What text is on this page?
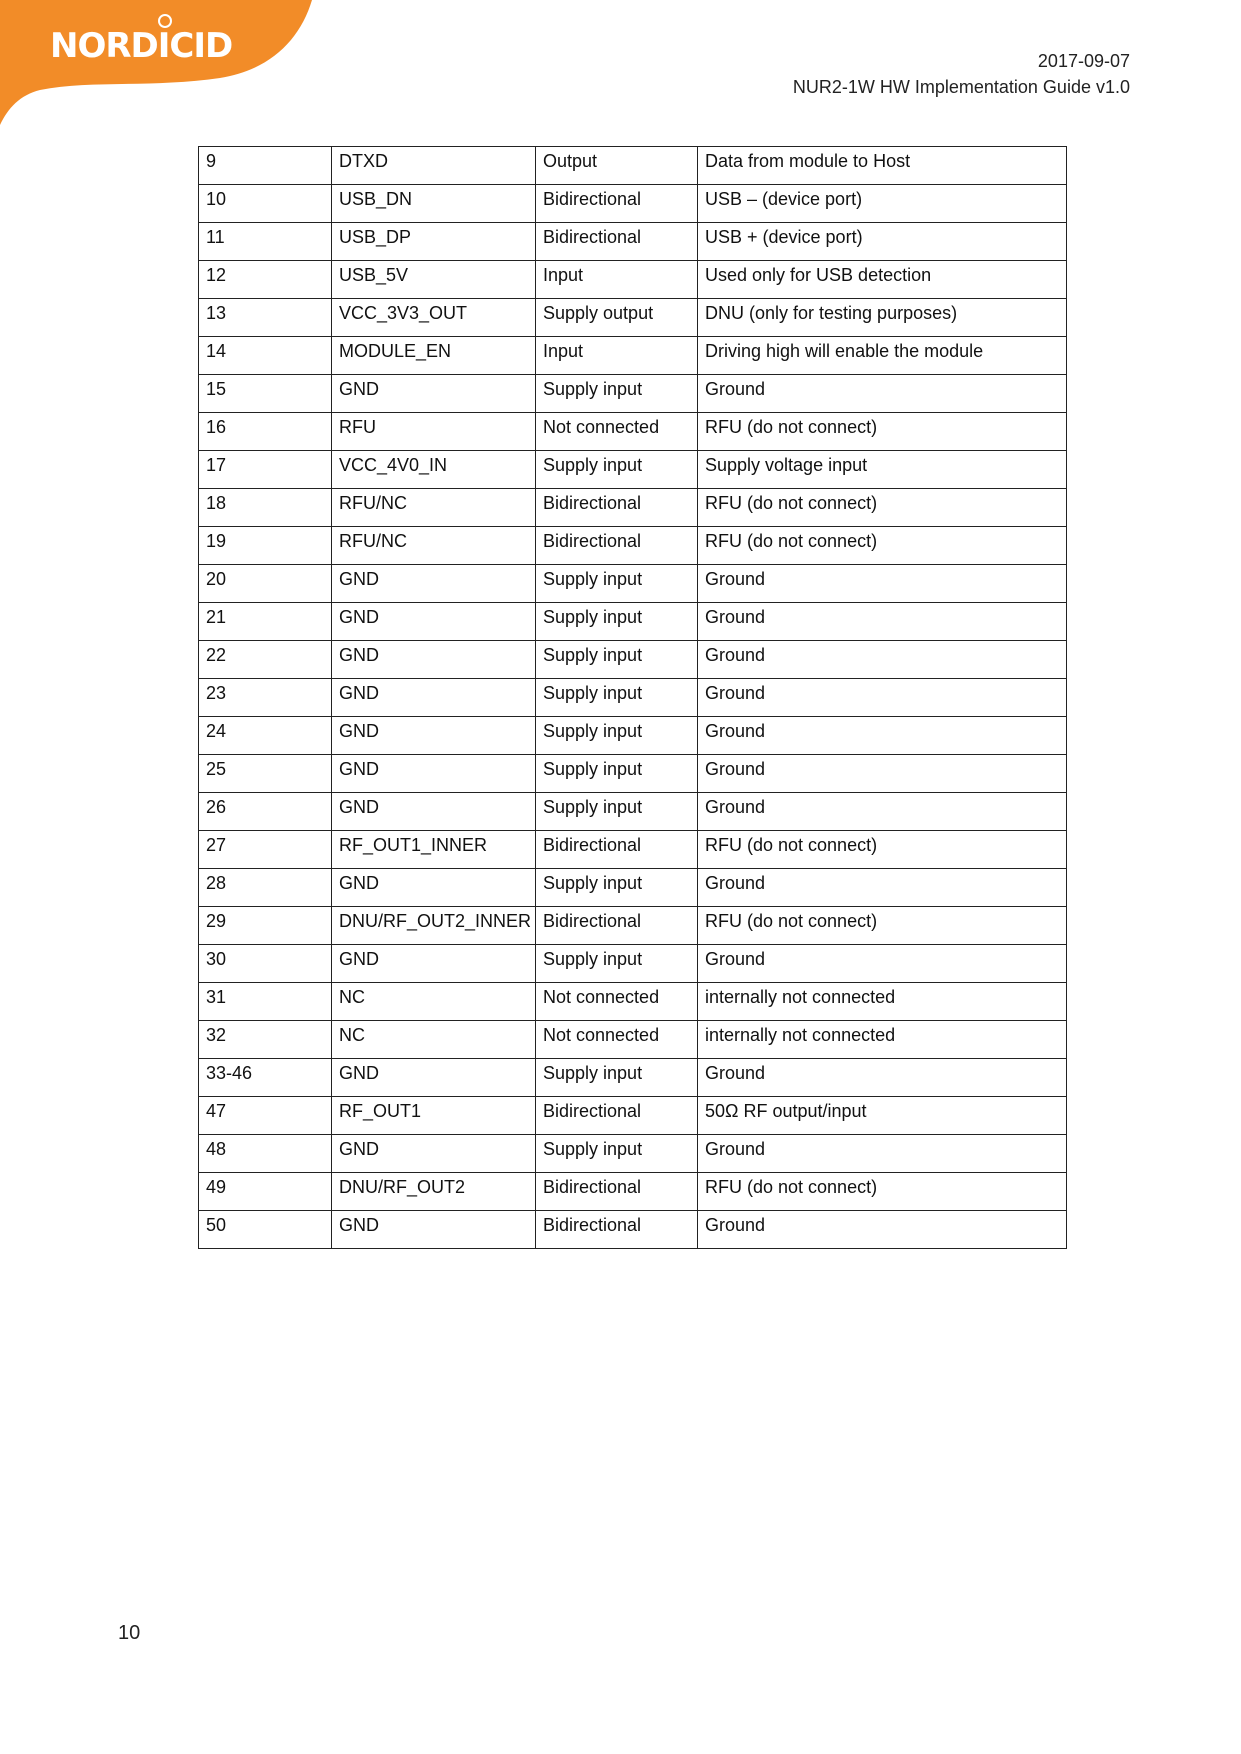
NORDICID	2017-09-07
NUR2-1W HW Implementation Guide v1.0
9	DTXD	Output	Data from module to Host
10	USB_DN	Bidirectional	USB – (device port)
11	USB_DP	Bidirectional	USB + (device port)
12	USB_5V	Input	Used only for USB detection
13	VCC_3V3_OUT	Supply output	DNU (only for testing purposes)
14	MODULE_EN	Input	Driving high will enable the module
15	GND	Supply input	Ground
16	RFU	Not connected	RFU (do not connect)
17	VCC_4V0_IN	Supply input	Supply voltage input
18	RFU/NC	Bidirectional	RFU (do not connect)
19	RFU/NC	Bidirectional	RFU (do not connect)
20	GND	Supply input	Ground
21	GND	Supply input	Ground
22	GND	Supply input	Ground
23	GND	Supply input	Ground
24	GND	Supply input	Ground
25	GND	Supply input	Ground
26	GND	Supply input	Ground
27	RF_OUT1_INNER	Bidirectional	RFU (do not connect)
28	GND	Supply input	Ground
29	DNU/RF_OUT2_INNER	Bidirectional	RFU (do not connect)
30	GND	Supply input	Ground
31	NC	Not connected	internally not connected
32	NC	Not connected	internally not connected
33-46	GND	Supply input	Ground
47	RF_OUT1	Bidirectional	50Ω RF output/input
48	GND	Supply input	Ground
49	DNU/RF_OUT2	Bidirectional	RFU (do not connect)
50	GND	Bidirectional	Ground
10
